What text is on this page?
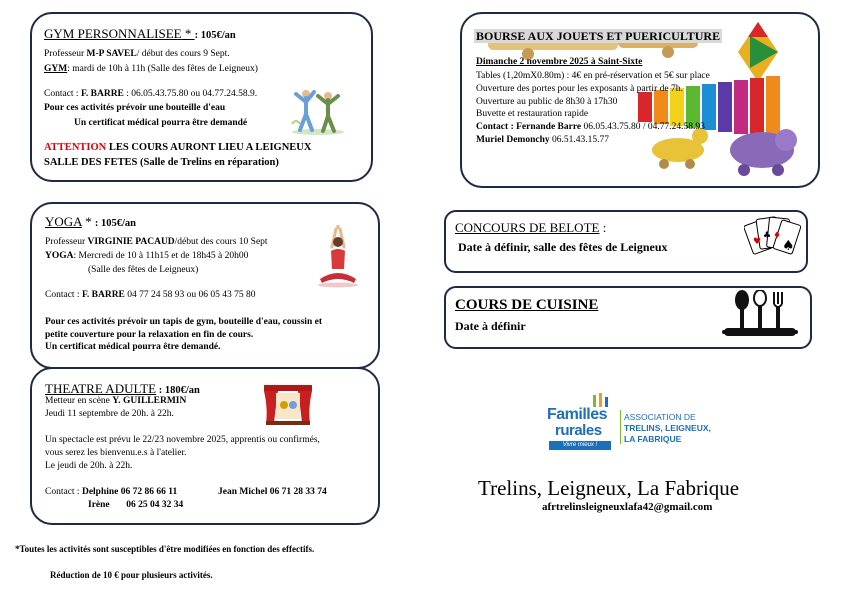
GYM PERSONNALISEE * : 105€/an
Professeur M-P SAVEL/ début des cours 9 Sept.
GYM: mardi de 10h à 11h (Salle des fêtes de Leigneux)
Contact : F. BARRE : 06.05.43.75.80 ou 04.77.24.58.9.
Pour ces activités prévoir une bouteille d'eau
Un certificat médical pourra être demandé
ATTENTION LES COURS AURONT LIEU A LEIGNEUX
SALLE DES FETES (Salle de Trelins en réparation)
YOGA * : 105€/an
Professeur VIRGINIE PACAUD/début des cours 10 Sept
YOGA: Mercredi de 10 à 11h15 et de 18h45 à 20h00
(Salle des fêtes de Leigneux)
Contact : F. BARRE 04 77 24 58 93 ou 06 05 43 75 80
Pour ces activités prévoir un tapis de gym, bouteille d'eau, coussin et
petite couverture pour la relaxation en fin de cours.
Un certificat médical pourra être demandé.
THEATRE ADULTE : 180€/an
Metteur en scène Y. GUILLERMIN
Jeudi 11 septembre de 20h. à 22h.
Un spectacle est prévu le 22/23 novembre 2025, apprentis ou confirmés,
vous serez les bienvenu.e.s à l'atelier.
Le jeudi de 20h. à 22h.
Contact : Delphine 06 72 86 66 11	Jean Michel 06 71 28 33 74
Irène       06 25 04 32 34
*Toutes les activités sont susceptibles d'être modifiées en fonction des effectifs.
Réduction de 10 € pour plusieurs activités.
BOURSE AUX JOUETS ET PUERICULTURE
Dimanche 2 novembre 2025 à Saint-Sixte
Tables (1,20mX0.80m) : 4€ en pré-réservation et 5€ sur place
Ouverture des portes pour les exposants à partir de 7h.
Ouverture au public de 8h30 à 17h30
Buvette et restauration rapide
Contact : Fernande Barre 06.05.43.75.80 / 04.77.24.58.93
Muriel Demonchy 06.51.43.15.77
CONCOURS DE BELOTE :
Date à définir, salle des fêtes de Leigneux	♥
♣ ♦
♠
COURS DE CUISINE
Date à définir
Familles
rurales
Vivre mieux !
ASSOCIATION DE
TRELINS, LEIGNEUX,
LA FABRIQUE
Trelins, Leigneux, La Fabrique
afrtrelinsleigneuxlafa42@gmail.com
